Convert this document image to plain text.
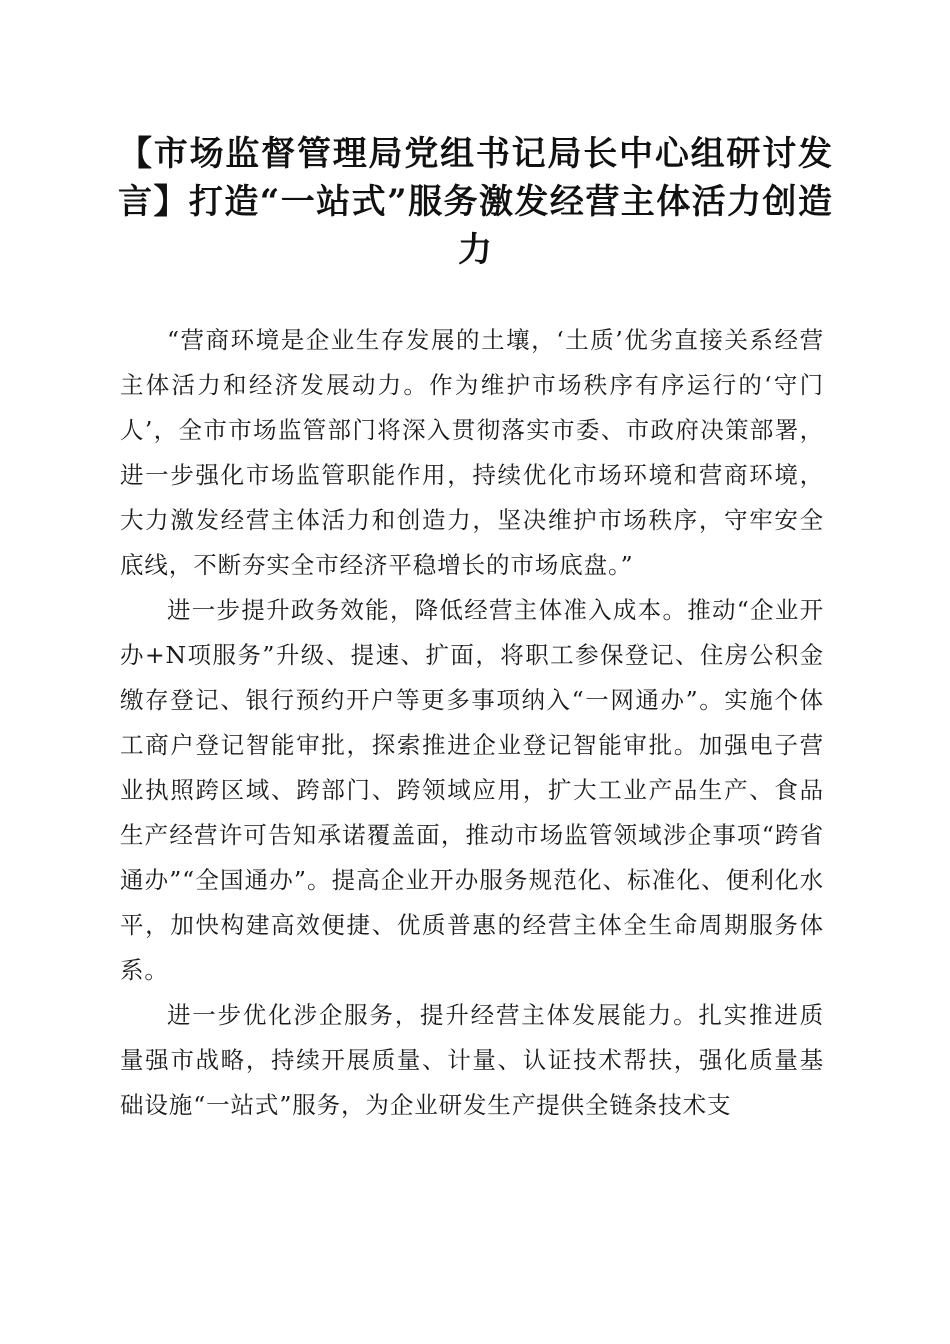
【市场监督管理局党组书记局长中心组研讨发言】打造“一站式”服务激发经营主体活力创造力

“营商环境是企业生存发展的土壤，‘土质’优劣直接关系经营主体活力和经济发展动力。作为维护市场秩序有序运行的‘守门人’，全市市场监管部门将深入贯彻落实市委、市政府决策部署，进一步强化市场监管职能作用，持续优化市场环境和营商环境，大力激发经营主体活力和创造力，坚决维护市场秩序，守牢安全底线，不断夯实全市经济平稳增长的市场底盘。”

进一步提升政务效能，降低经营主体准入成本。推动“企业开办+N项服务”升级、提速、扩面，将职工参保登记、住房公积金缴存登记、银行预约开户等更多事项纳入“一网通办”。实施个体工商户登记智能审批，探索推进企业登记智能审批。加强电子营业执照跨区域、跨部门、跨领域应用，扩大工业产品生产、食品生产经营许可告知承诺覆盖面，推动市场监管领域涉企事项“跨省通办”“全国通办”。提高企业开办服务规范化、标准化、便利化水平，加快构建高效便捷、优质普惠的经营主体全生命周期服务体系。

进一步优化涉企服务，提升经营主体发展能力。扎实推进质量强市战略，持续开展质量、计量、认证技术帮扶，强化质量基础设施“一站式”服务，为企业研发生产提供全链条技术支
